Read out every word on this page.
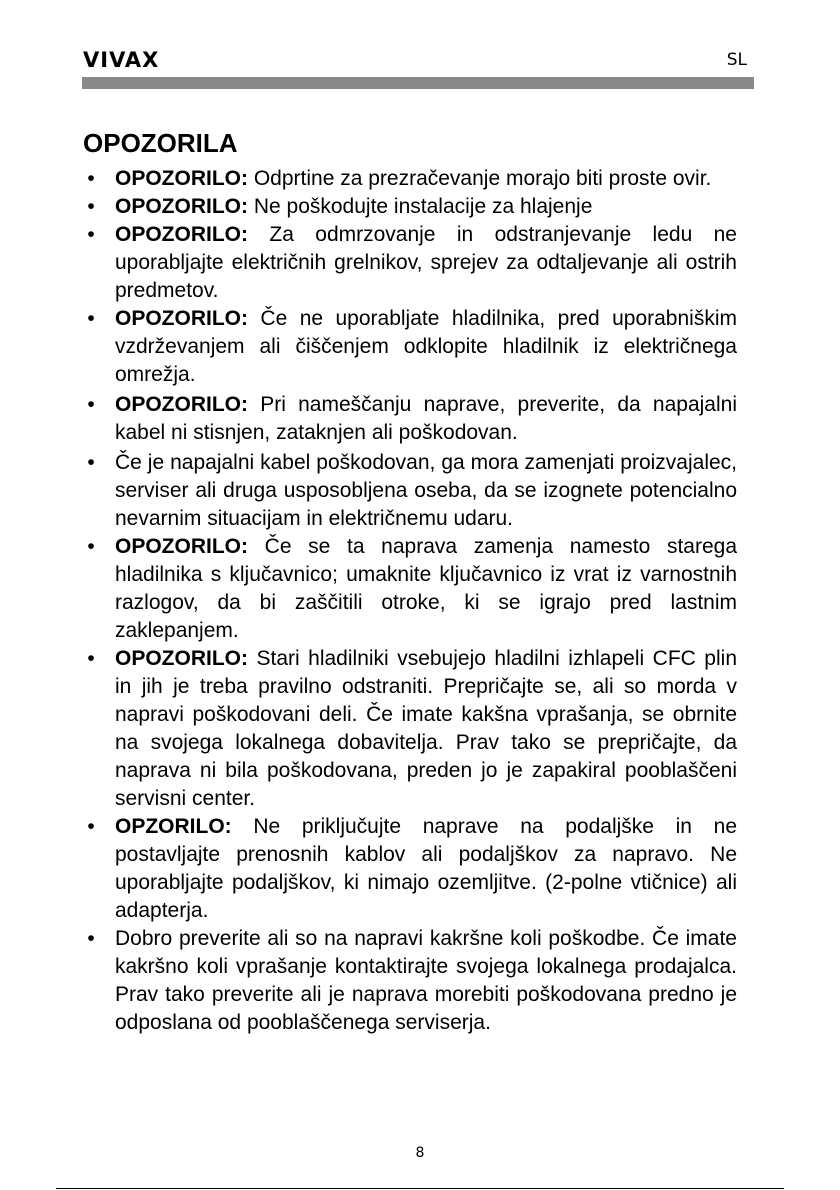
VIVAX	SL
OPOZORILA
• OPOZORILO: Odprtine za prezračevanje morajo biti proste ovir.
• OPOZORILO: Ne poškodujte instalacije za hlajenje
• OPOZORILO: Za odmrzovanje in odstranjevanje ledu ne uporabljajte električnih grelnikov, sprejev za odtaljevanje ali ostrih predmetov.
• OPOZORILO: Če ne uporabljate hladilnika, pred uporabniškim vzdrževanjem ali čiščenjem odklopite hladilnik iz električnega omrežja.
• OPOZORILO: Pri nameščanju naprave, preverite, da napajalni kabel ni stisnjen, zataknjen ali poškodovan.
• Če je napajalni kabel poškodovan, ga mora zamenjati proizvajalec, serviser ali druga usposobljena oseba, da se izognete potencialno nevarnim situacijam in električnemu udaru.
• OPOZORILO: Če se ta naprava zamenja namesto starega hladilnika s ključavnico; umaknite ključavnico iz vrat iz varnostnih razlogov, da bi zaščitili otroke, ki se igrajo pred lastnim zaklepanjem.
• OPOZORILO: Stari hladilniki vsebujejo hladilni izhlapeli CFC plin in jih je treba pravilno odstraniti. Prepričajte se, ali so morda v napravi poškodovani deli. Če imate kakšna vprašanja, se obrnite na svojega lokalnega dobavitelja. Prav tako se prepričajte, da naprava ni bila poškodovana, preden jo je zapakiral pooblaščeni servisni center.
• OPZORILO: Ne priključujte naprave na podaljške in ne postavljajte prenosnih kablov ali podaljškov za napravo. Ne uporabljajte podaljškov, ki nimajo ozemljitve. (2-polne vtičnice) ali adapterja.
• Dobro preverite ali so na napravi kakršne koli poškodbe. Če imate kakršno koli vprašanje kontaktirajte svojega lokalnega prodajalca. Prav tako preverite ali je naprava morebiti poškodovana predno je odposlana od pooblaščenega serviserja.
8
